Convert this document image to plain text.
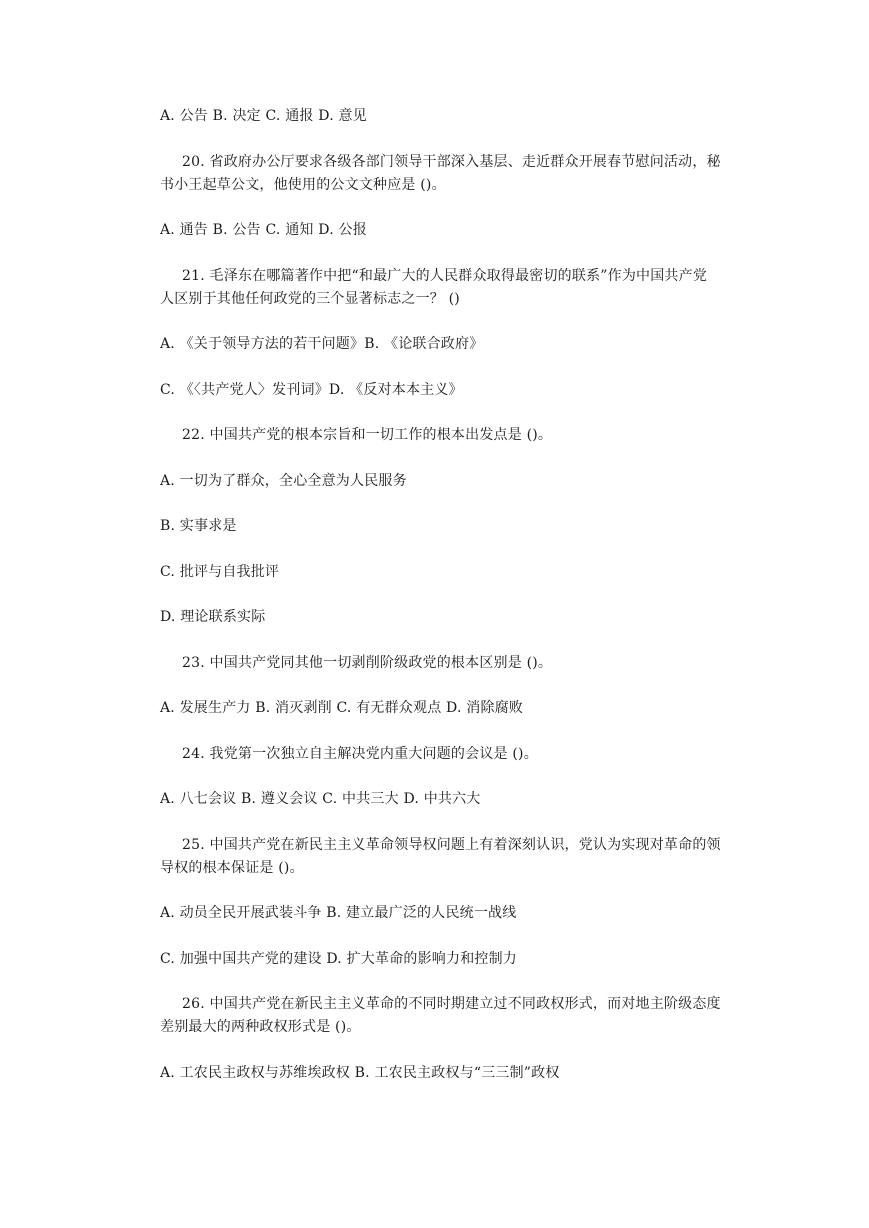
A. 公告 B. 决定 C. 通报 D. 意见
20. 省政府办公厅要求各级各部门领导干部深入基层、走近群众开展春节慰问活动，秘
书小王起草公文，他使用的公文文种应是 ()。
A. 通告 B. 公告 C. 通知 D. 公报
21. 毛泽东在哪篇著作中把“和最广大的人民群众取得最密切的联系”作为中国共产党
人区别于其他任何政党的三个显著标志之一？ ()
A. 《关于领导方法的若干问题》B. 《论联合政府》
C. 《〈共产党人〉发刊词》D. 《反对本本主义》
22. 中国共产党的根本宗旨和一切工作的根本出发点是 ()。
A. 一切为了群众，全心全意为人民服务
B. 实事求是
C. 批评与自我批评
D. 理论联系实际
23. 中国共产党同其他一切剥削阶级政党的根本区别是 ()。
A. 发展生产力 B. 消灭剥削 C. 有无群众观点 D. 消除腐败
24. 我党第一次独立自主解决党内重大问题的会议是 ()。
A. 八七会议 B. 遵义会议 C. 中共三大 D. 中共六大
25. 中国共产党在新民主主义革命领导权问题上有着深刻认识，党认为实现对革命的领
导权的根本保证是 ()。
A. 动员全民开展武装斗争 B. 建立最广泛的人民统一战线
C. 加强中国共产党的建设 D. 扩大革命的影响力和控制力
26. 中国共产党在新民主主义革命的不同时期建立过不同政权形式，而对地主阶级态度
差别最大的两种政权形式是 ()。
A. 工农民主政权与苏维埃政权 B. 工农民主政权与“三三制”政权
